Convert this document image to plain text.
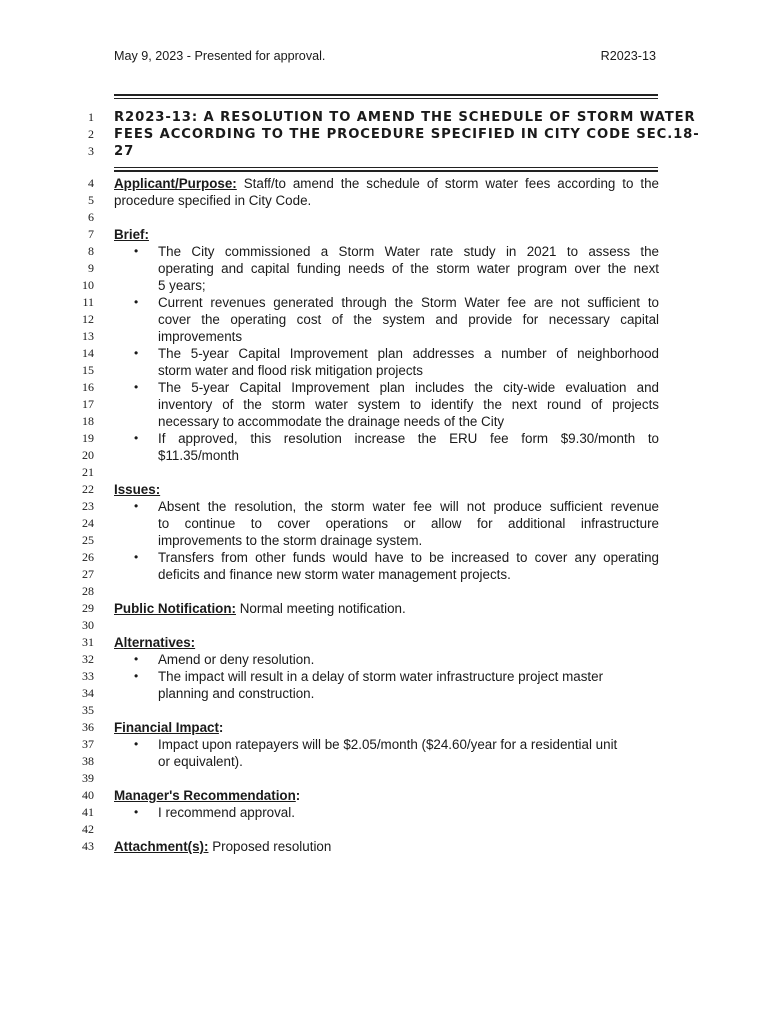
May 9, 2023 - Presented for approval.	R2023-13
R2023-13: A RESOLUTION TO AMEND THE SCHEDULE OF STORM WATER
FEES ACCORDING TO THE PROCEDURE SPECIFIED IN CITY CODE SEC.18-
27
1
2
3
4
5
6
7
8
9
10
11
12
13
14
15
16
17
18
19
20
21
22
23
24
25
26
27
28
29
30
31
32
33
34
35
36
37
38
39
40
41
42
43
Applicant/Purpose: Staff/to amend the schedule of storm water fees according to the
procedure specified in City Code.
Brief:
• The City commissioned a Storm Water rate study in 2021 to assess the
operating and capital funding needs of the storm water program over the next
5 years;
• Current revenues generated through the Storm Water fee are not sufficient to
cover the operating cost of the system and provide for necessary capital
improvements
• The 5-year Capital Improvement plan addresses a number of neighborhood
storm water and flood risk mitigation projects
• The 5-year Capital Improvement plan includes the city-wide evaluation and
inventory of the storm water system to identify the next round of projects
necessary to accommodate the drainage needs of the City
• If approved, this resolution increase the ERU fee form $9.30/month to
$11.35/month
Issues:
• Absent the resolution, the storm water fee will not produce sufficient revenue
to continue to cover operations or allow for additional infrastructure
improvements to the storm drainage system.
• Transfers from other funds would have to be increased to cover any operating
deficits and finance new storm water management projects.
Public Notification: Normal meeting notification.
Alternatives:
• Amend or deny resolution.
• The impact will result in a delay of storm water infrastructure project master
planning and construction.
Financial Impact:
• Impact upon ratepayers will be $2.05/month ($24.60/year for a residential unit
or equivalent).
Manager's Recommendation:
• I recommend approval.
Attachment(s): Proposed resolution
